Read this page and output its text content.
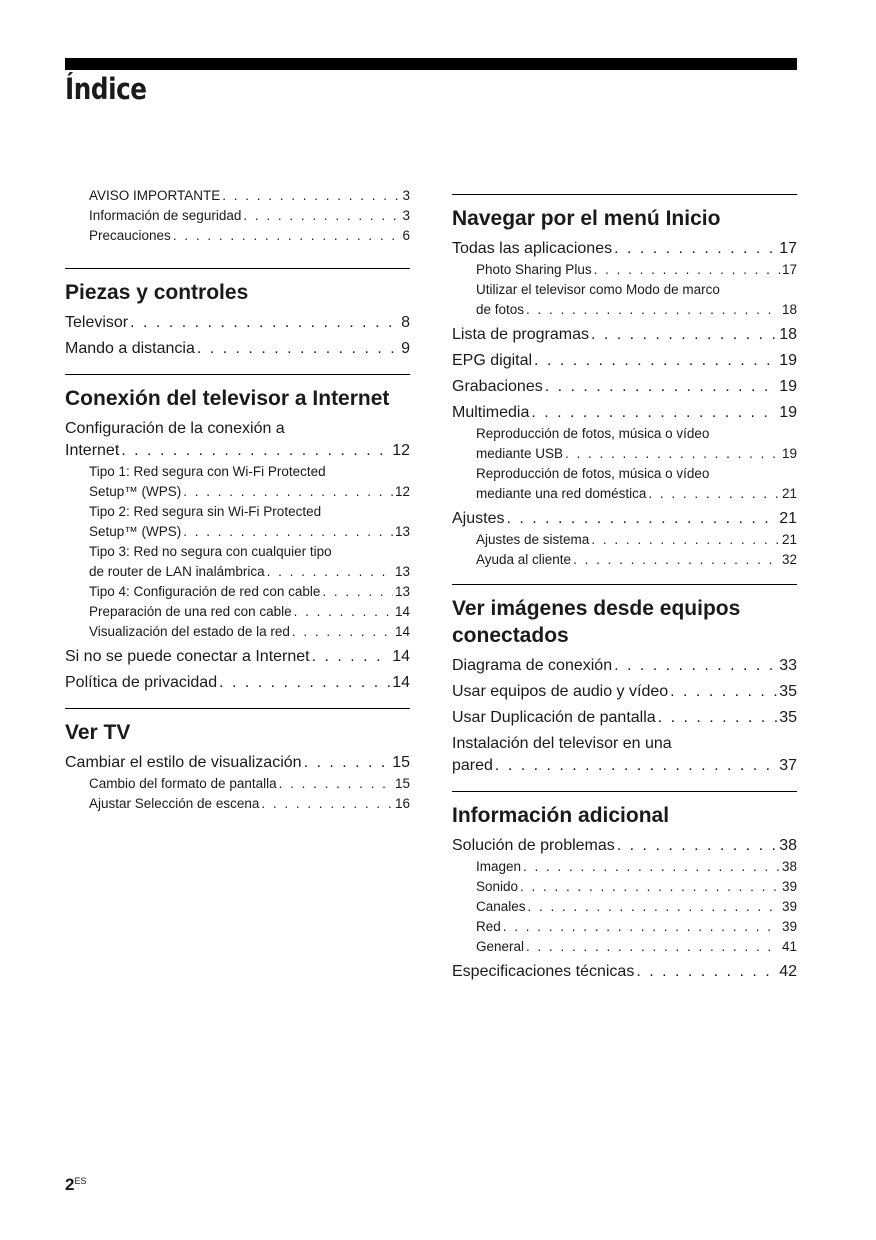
Índice
AVISO IMPORTANTE . . .	3
Información de seguridad . . .	3
Precauciones . . .	6
Piezas y controles
Televisor . . .	8
Mando a distancia . . .	9
Conexión del televisor a Internet
Configuración de la conexión a
Internet . . .	12
Tipo 1: Red segura con Wi-Fi Protected
Setup™ (WPS) . . .	12
Tipo 2: Red segura sin Wi-Fi Protected
Setup™ (WPS) . . .	13
Tipo 3: Red no segura con cualquier tipo
de router de LAN inalámbrica . . .	13
Tipo 4: Configuración de red con cable . . .	13
Preparación de una red con cable . . .	14
Visualización del estado de la red . . .	14
Si no se puede conectar a Internet . . .	14
Política de privacidad . . .	14
Ver TV
Cambiar el estilo de visualización . . .	15
Cambio del formato de pantalla . . .	15
Ajustar Selección de escena . . .	16
Navegar por el menú Inicio
Todas las aplicaciones . . .	17
Photo Sharing Plus . . .	17
Utilizar el televisor como Modo de marco
de fotos . . .	18
Lista de programas . . .	18
EPG digital . . .	19
Grabaciones . . .	19
Multimedia . . .	19
Reproducción de fotos, música o vídeo
mediante USB . . .	19
Reproducción de fotos, música o vídeo
mediante una red doméstica . . .	21
Ajustes . . .	21
Ajustes de sistema . . .	21
Ayuda al cliente . . .	32
Ver imágenes desde equipos conectados
Diagrama de conexión . . .	33
Usar equipos de audio y vídeo . . .	35
Usar Duplicación de pantalla . . .	35
Instalación del televisor en una
pared . . .	37
Información adicional
Solución de problemas . . .	38
Imagen . . .	38
Sonido . . .	39
Canales . . .	39
Red . . .	39
General . . .	41
Especificaciones técnicas . . .	42
$2^{ES}$
